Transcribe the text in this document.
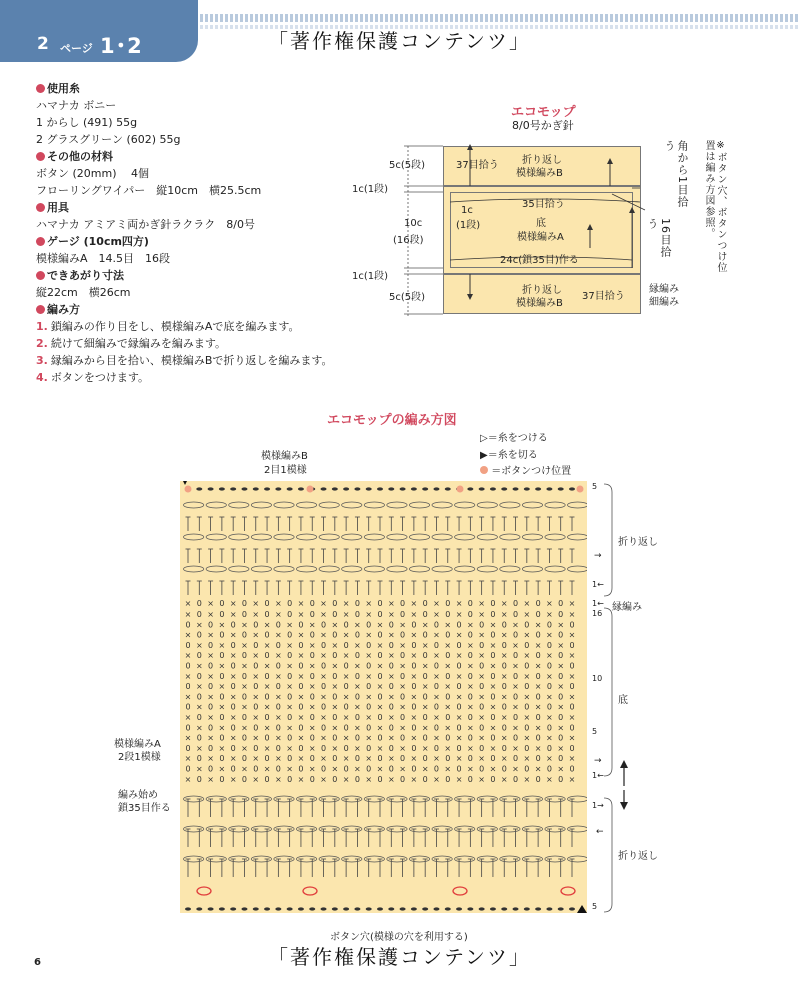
2 ページ 1･2	「著作権保護コンテンツ」
使用糸
ハマナカ ボニー
1 からし (491) 55g
2 グラスグリーン (602) 55g
その他の材料
ボタン (20mm)　 4個
フローリングワイパー　縦10cm　横25.5cm
用具
ハマナカ アミアミ両かぎ針ラクラク　8/0号
ゲージ (10cm四方)
模様編みA　14.5目　16段
できあがり寸法
縦22cm　横26cm
編み方
1. 鎖編みの作り目をし、模様編みAで底を編みます。
2. 続けて細編みで縁編みを編みます。
3. 縁編みから目を拾い、模様編みBで折り返しを編みます。
4. ボタンをつけます。
エコモップ
8/0号かぎ針
37目拾う 折り返し
模様編みB
35目拾う
底
模様編みA
24c(鎖35目)作る
1c
(1段)
折り返し
模様編みB
37目拾う
5c(5段)
1c(1段)
10c
(16段)
1c(1段)
5c(5段)
角から1目拾う
16目拾う
縁編み
細編み
※ボタン穴、ボタンつけ位置は編み方図参照。
エコモップの編み方図
▷＝糸をつける
▶＝糸を切る
＝ボタンつけ位置
模様編みB
2目1模様
× 0 × 0 × 0 × 0 × 0 × 0 × 0 × 0 × 0 × 0 × 0 × 0 × 0 × 0 × 0 × 0 × 0 ×
× 0 × 0 × 0 × 0 × 0 × 0 × 0 × 0 × 0 × 0 × 0 × 0 × 0 × 0 × 0 × 0 × 0 ×
0 × 0 × 0 × 0 × 0 × 0 × 0 × 0 × 0 × 0 × 0 × 0 × 0 × 0 × 0 × 0 × 0 × 0
× 0 × 0 × 0 × 0 × 0 × 0 × 0 × 0 × 0 × 0 × 0 × 0 × 0 × 0 × 0 × 0 × 0 ×
0 × 0 × 0 × 0 × 0 × 0 × 0 × 0 × 0 × 0 × 0 × 0 × 0 × 0 × 0 × 0 × 0 × 0
× 0 × 0 × 0 × 0 × 0 × 0 × 0 × 0 × 0 × 0 × 0 × 0 × 0 × 0 × 0 × 0 × 0 ×
0 × 0 × 0 × 0 × 0 × 0 × 0 × 0 × 0 × 0 × 0 × 0 × 0 × 0 × 0 × 0 × 0 × 0
× 0 × 0 × 0 × 0 × 0 × 0 × 0 × 0 × 0 × 0 × 0 × 0 × 0 × 0 × 0 × 0 × 0 ×
0 × 0 × 0 × 0 × 0 × 0 × 0 × 0 × 0 × 0 × 0 × 0 × 0 × 0 × 0 × 0 × 0 × 0
× 0 × 0 × 0 × 0 × 0 × 0 × 0 × 0 × 0 × 0 × 0 × 0 × 0 × 0 × 0 × 0 × 0 ×
0 × 0 × 0 × 0 × 0 × 0 × 0 × 0 × 0 × 0 × 0 × 0 × 0 × 0 × 0 × 0 × 0 × 0
× 0 × 0 × 0 × 0 × 0 × 0 × 0 × 0 × 0 × 0 × 0 × 0 × 0 × 0 × 0 × 0 × 0 ×
0 × 0 × 0 × 0 × 0 × 0 × 0 × 0 × 0 × 0 × 0 × 0 × 0 × 0 × 0 × 0 × 0 × 0
× 0 × 0 × 0 × 0 × 0 × 0 × 0 × 0 × 0 × 0 × 0 × 0 × 0 × 0 × 0 × 0 × 0 ×
0 × 0 × 0 × 0 × 0 × 0 × 0 × 0 × 0 × 0 × 0 × 0 × 0 × 0 × 0 × 0 × 0 × 0
× 0 × 0 × 0 × 0 × 0 × 0 × 0 × 0 × 0 × 0 × 0 × 0 × 0 × 0 × 0 × 0 × 0 ×
0 × 0 × 0 × 0 × 0 × 0 × 0 × 0 × 0 × 0 × 0 × 0 × 0 × 0 × 0 × 0 × 0 × 0
× 0 × 0 × 0 × 0 × 0 × 0 × 0 × 0 × 0 × 0 × 0 × 0 × 0 × 0 × 0 × 0 × 0 ×
模様編みA
2段1模様
編み始め
鎖35目作る
ボタン穴(模様の穴を利用する)
5
→
1←
1←
16
10
5
→
1←
1→
←
5
折り返し
縁編み
底
折り返し
「著作権保護コンテンツ」
6
